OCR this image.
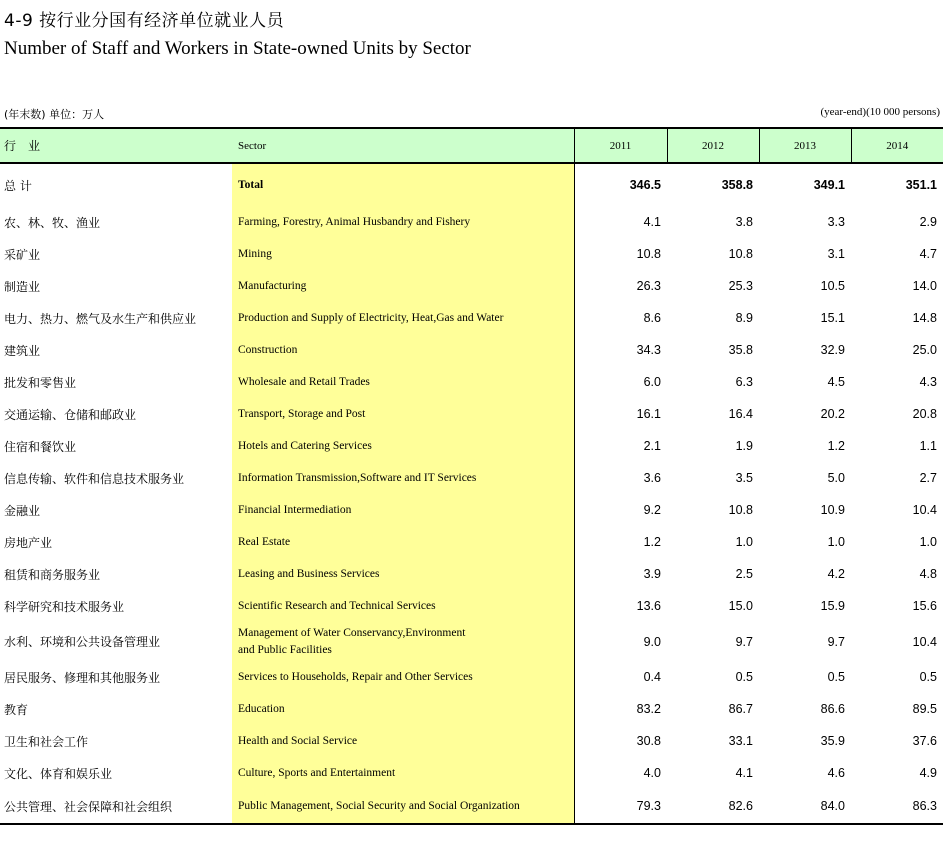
4-9 按行业分国有经济单位就业人员
Number of Staff and Workers in State-owned Units by Sector
(年末数) 单位：万人	(year-end)(10 000 persons)
行　业	Sector	2011	2012	2013	2014
总 计	Total	346.5	358.8	349.1	351.1
农、林、牧、渔业	Farming, Forestry, Animal Husbandry and Fishery	4.1	3.8	3.3	2.9
采矿业	Mining	10.8	10.8	3.1	4.7
制造业	Manufacturing	26.3	25.3	10.5	14.0
电力、热力、燃气及水生产和供应业	Production and Supply of Electricity, Heat,Gas and Water	8.6	8.9	15.1	14.8
建筑业	Construction	34.3	35.8	32.9	25.0
批发和零售业	Wholesale and Retail Trades	6.0	6.3	4.5	4.3
交通运输、仓储和邮政业	Transport, Storage and Post	16.1	16.4	20.2	20.8
住宿和餐饮业	Hotels and Catering Services	2.1	1.9	1.2	1.1
信息传输、软件和信息技术服务业	Information Transmission,Software and IT Services	3.6	3.5	5.0	2.7
金融业	Financial Intermediation	9.2	10.8	10.9	10.4
房地产业	Real Estate	1.2	1.0	1.0	1.0
租赁和商务服务业	Leasing and Business Services	3.9	2.5	4.2	4.8
科学研究和技术服务业	Scientific Research and Technical Services	13.6	15.0	15.9	15.6
水利、环境和公共设备管理业	Management of Water Conservancy,Environment
and Public Facilities	9.0	9.7	9.7	10.4
居民服务、修理和其他服务业	Services to Households, Repair and Other Services	0.4	0.5	0.5	0.5
教育	Education	83.2	86.7	86.6	89.5
卫生和社会工作	Health and Social Service	30.8	33.1	35.9	37.6
文化、体育和娱乐业	Culture, Sports and Entertainment	4.0	4.1	4.6	4.9
公共管理、社会保障和社会组织	Public Management, Social Security and Social Organization	79.3	82.6	84.0	86.3
